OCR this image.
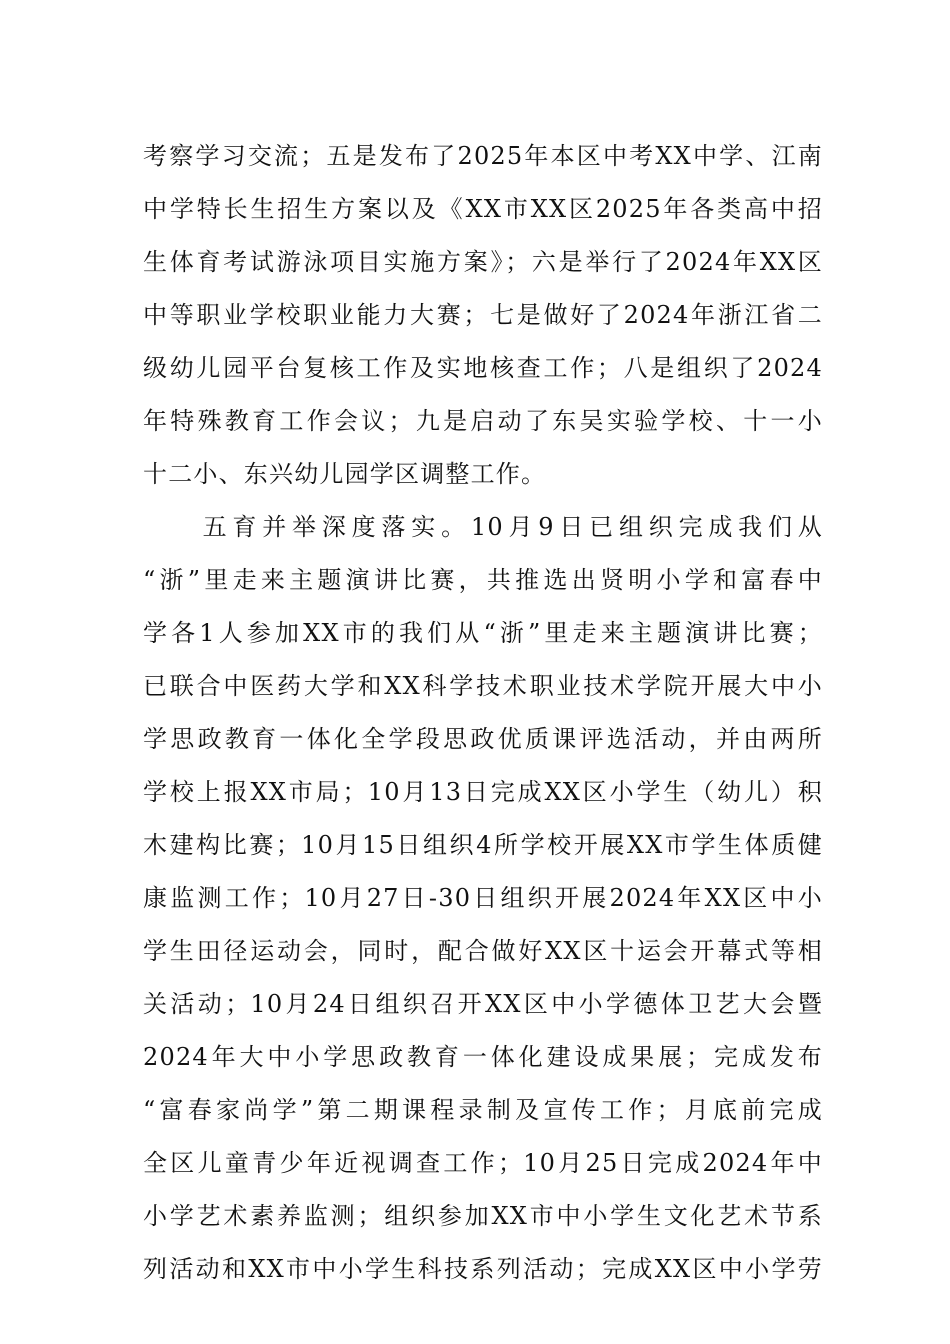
考察学习交流；五是发布了2025年本区中考XX中学、江南
中学特长生招生方案以及《XX市XX区2025年各类高中招
生体育考试游泳项目实施方案》；六是举行了2024年XX区
中等职业学校职业能力大赛；七是做好了2024年浙江省二
级幼儿园平台复核工作及实地核查工作；八是组织了2024
年特殊教育工作会议；九是启动了东吴实验学校、十一小
十二小、东兴幼儿园学区调整工作。
　　五育并举深度落实。10月9日已组织完成我们从
“浙”里走来主题演讲比赛，共推选出贤明小学和富春中
学各1人参加XX市的我们从“浙”里走来主题演讲比赛；
已联合中医药大学和XX科学技术职业技术学院开展大中小
学思政教育一体化全学段思政优质课评选活动，并由两所
学校上报XX市局；10月13日完成XX区小学生（幼儿）积
木建构比赛；10月15日组织4所学校开展XX市学生体质健
康监测工作；10月27日-30日组织开展2024年XX区中小
学生田径运动会，同时，配合做好XX区十运会开幕式等相
关活动；10月24日组织召开XX区中小学德体卫艺大会暨
2024年大中小学思政教育一体化建设成果展；完成发布
“富春家尚学”第二期课程录制及宣传工作；月底前完成
全区儿童青少年近视调查工作；10月25日完成2024年中
小学艺术素养监测；组织参加XX市中小学生文化艺术节系
列活动和XX市中小学生科技系列活动；完成XX区中小学劳
